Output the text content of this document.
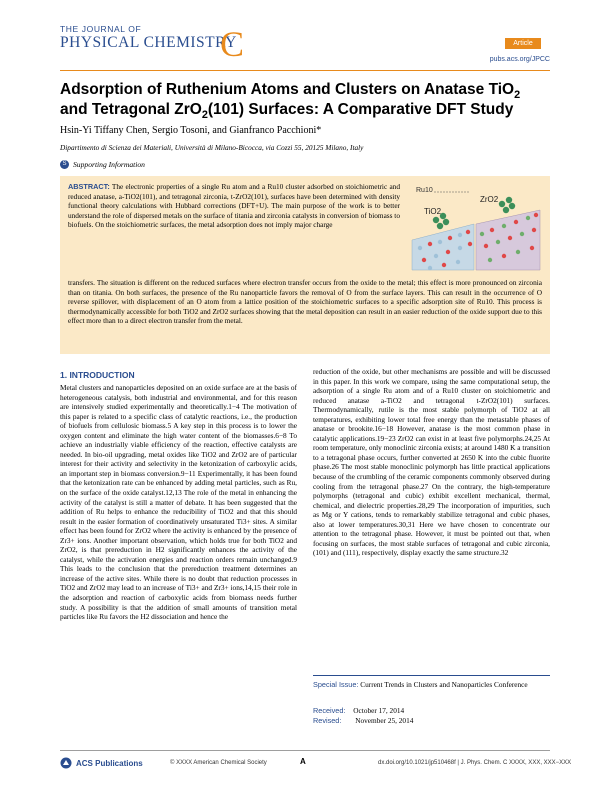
THE JOURNAL OF
PHYSICAL CHEMISTRY
C	Article
pubs.acs.org/JPCC
Adsorption of Ruthenium Atoms and Clusters on Anatase TiO$_2$ and Tetragonal ZrO$_2$(101) Surfaces: A Comparative DFT Study
Hsin-Yi Tiffany Chen, Sergio Tosoni, and Gianfranco Pacchioni*
Dipartimento di Scienza dei Materiali, Università di Milano-Bicocca, via Cozzi 55, 20125 Milano, Italy
S Supporting Information
ABSTRACT: The electronic properties of a single Ru atom and a Ru10 cluster adsorbed on stoichiometric and reduced anatase, a-TiO2(101), and tetragonal zirconia, t-ZrO2(101), surfaces have been determined with density functional theory calculations with Hubbard corrections (DFT+U). The main purpose of the work is to better understand the role of dispersed metals on the surface of titania and zirconia catalysts in conversion of biomass to biofuels. On the stoichiometric surfaces, the metal adsorption does not imply major charge
transfers. The situation is different on the reduced surfaces where electron transfer occurs from the oxide to the metal; this effect is more pronounced on zirconia than on titania. On both surfaces, the presence of the Ru nanoparticle favors the removal of O from the surface layers. This can result in the occurrence of O reverse spillover, with displacement of an O atom from a lattice position of the stoichiometric surfaces to a specific adsorption site of Ru10. This process is thermodynamically accessible for both TiO2 and ZrO2 surfaces showing that the metal deposition can result in an easier reduction of the oxide support due to this effect more than to a direct electron transfer from the metal.
Ru10
TiO2
ZrO2
1. INTRODUCTION

Metal clusters and nanoparticles deposited on an oxide surface are at the basis of heterogeneous catalysis, both industrial and environmental, and for this reason are intensively studied experimentally and theoretically.1−4 The motivation of this paper is related to a specific class of catalytic reactions, i.e., the production of biofuels from cellulosic biomass.5 A key step in this process is to lower the oxygen content and eliminate the high water content of the biomasses.6−8 To achieve an industrially viable efficiency of the reaction, effective catalysts are needed. In bio-oil upgrading, metal oxides like TiO2 and ZrO2 are of particular interest for their activity and selectivity in the ketonization of carboxylic acids, an important step in biomass conversion.9−11 Experimentally, it has been found that the ketonization rate can be enhanced by adding metal particles, such as Ru, on the surface of the oxide catalyst.12,13 The role of the metal in enhancing the activity of the catalyst is still a matter of debate. It has been suggested that the addition of Ru helps to enhance the reducibility of TiO2 and that this should result in the easier formation of coordinatively unsaturated Ti3+ sites. A similar effect has been found for ZrO2 where the activity is enhanced by the presence of Zr3+ ions. Another important observation, which holds true for both TiO2 and ZrO2, is that prereduction in H2 significantly enhances the activity of the catalyst, while the activation energies and reaction orders remain unchanged.9 This leads to the conclusion that the prereduction treatment determines an increase of the active sites. While there is no doubt that reduction processes in TiO2 and ZrO2 may lead to an increase of Ti3+ and Zr3+ ions,14,15 their role in the adsorption and reaction of carboxylic acids from biomass needs further study. A possibility is that the addition of small amounts of transition metal particles like Ru favors the H2 dissociation and hence the

reduction of the oxide, but other mechanisms are possible and will be discussed in this paper. In this work we compare, using the same computational setup, the adsorption of a single Ru atom and of a Ru10 cluster on stoichiometric and reduced anatase a-TiO2 and tetragonal t-ZrO2(101) surfaces. Thermodynamically, rutile is the most stable polymorph of TiO2 at all temperatures, exhibiting lower total free energy than the metastable phases of anatase or brookite.16−18 However, anatase is the most common phase in catalytic applications.19−23 ZrO2 can exist in at least five polymorphs.24,25 At room temperature, only monoclinic zirconia exists; at around 1480 K a transition to a tetragonal phase occurs, further converted at 2650 K into the cubic fluorite phase.26 The most stable monoclinic polymorph has little practical applications because of the crumbling of the ceramic components commonly observed during cooling from the tetragonal phase.27 On the contrary, the high-temperature polymorphs (tetragonal and cubic) exhibit excellent mechanical, thermal, chemical, and dielectric properties.28,29 The incorporation of impurities, such as Mg or Y cations, tends to remarkably stabilize tetragonal and cubic phases, also at lower temperatures.30,31 Here we have chosen to concentrate our attention to the tetragonal phase. However, it must be pointed out that, when focusing on surfaces, the most stable surfaces of tetragonal and cubic zirconia, (101) and (111), respectively, display exactly the same structure.32

Special Issue: Current Trends in Clusters and Nanoparticles Conference
Received: October 17, 2014
Revised: November 25, 2014
ACS Publications	© XXXX American Chemical Society	A	dx.doi.org/10.1021/jp510468f | J. Phys. Chem. C XXXX, XXX, XXX−XXX
